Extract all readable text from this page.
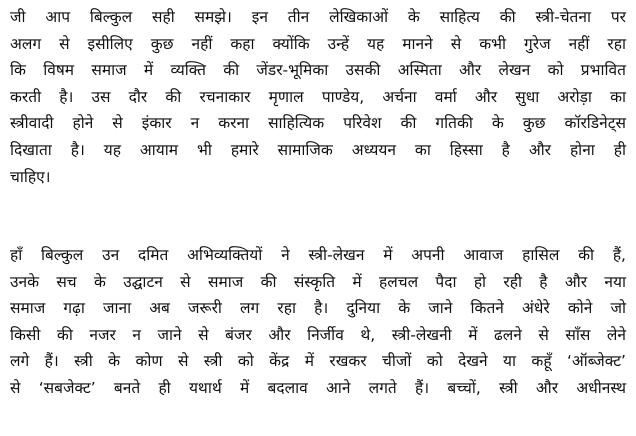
जी आप बिल्कुल सही समझे। इन तीन लेखिकाओं के साहित्य की स्त्री-चेतना पर
अलग से इसीलिए कुछ नहीं कहा क्योंकि उन्हें यह मानने से कभी गुरेज नहीं रहा
कि विषम समाज में व्यक्ति की जेंडर-भूमिका उसकी अस्मिता और लेखन को प्रभावित
करती है। उस दौर की रचनाकार मृणाल पाण्डेय, अर्चना वर्मा और सुधा अरोड़ा का
स्त्रीवादी होने से इंकार न करना साहित्यिक परिवेश की गतिकी के कुछ कॉरडिनेट्स
दिखाता है। यह आयाम भी हमारे सामाजिक अध्ययन का हिस्सा है और होना ही
चाहिए।

हाँ बिल्कुल उन दमित अभिव्यक्तियों ने स्त्री-लेखन में अपनी आवाज हासिल की हैं,
उनके सच के उद्घाटन से समाज की संस्कृति में हलचल पैदा हो रही है और नया
समाज गढ़ा जाना अब जरूरी लग रहा है। दुनिया के जाने कितने अंधेरे कोने जो
किसी की नजर न जाने से बंजर और निर्जीव थे, स्त्री-लेखनी में ढलने से साँस लेने
लगे हैं। स्त्री के कोण से स्त्री को केंद्र में रखकर चीजों को देखने या कहूँ ‘ऑब्जेक्ट’
से ‘सबजेक्ट’ बनते ही यथार्थ में बदलाव आने लगते हैं। बच्चों, स्त्री और अधीनस्थ
